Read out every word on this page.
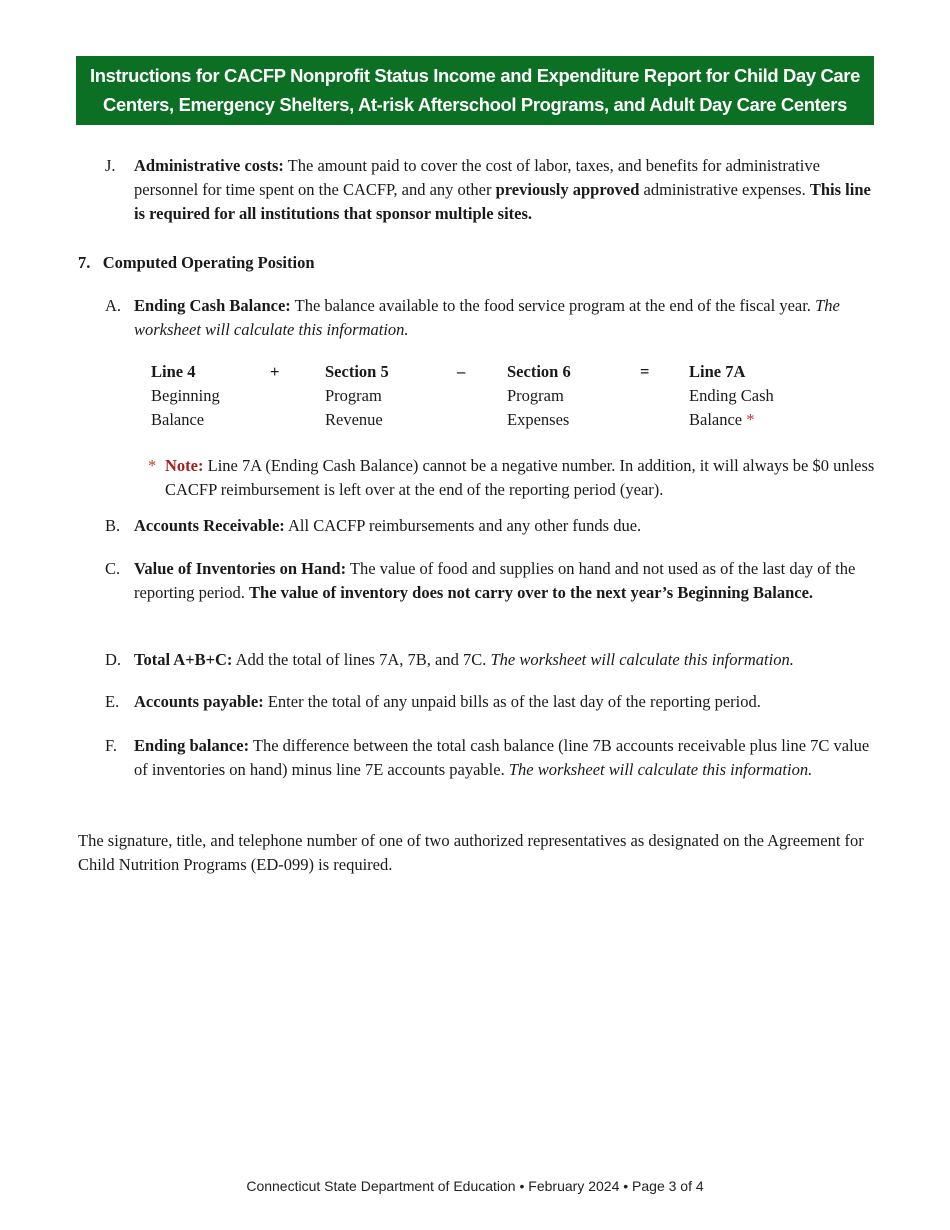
Instructions for CACFP Nonprofit Status Income and Expenditure Report for Child Day Care
Centers, Emergency Shelters, At-risk Afterschool Programs, and Adult Day Care Centers
J. Administrative costs: The amount paid to cover the cost of labor, taxes, and benefits for administrative personnel for time spent on the CACFP, and any other previously approved administrative expenses. This line is required for all institutions that sponsor multiple sites.
7. Computed Operating Position
A. Ending Cash Balance: The balance available to the food service program at the end of the fiscal year. The worksheet will calculate this information.
Line 4
Beginning
Balance
+	Section 5
Program
Revenue
–	Section 6
Program
Expenses
= Line 7A
Ending Cash
Balance *
* Note: Line 7A (Ending Cash Balance) cannot be a negative number. In addition, it will always be $0 unless CACFP reimbursement is left over at the end of the reporting period (year).
B. Accounts Receivable: All CACFP reimbursements and any other funds due.
C. Value of Inventories on Hand: The value of food and supplies on hand and not used as of the last day of the reporting period. The value of inventory does not carry over to the next year’s Beginning Balance.
D. Total A+B+C: Add the total of lines 7A, 7B, and 7C. The worksheet will calculate this information.
E. Accounts payable: Enter the total of any unpaid bills as of the last day of the reporting period.
F. Ending balance: The difference between the total cash balance (line 7B accounts receivable plus line 7C value of inventories on hand) minus line 7E accounts payable. The worksheet will calculate this information.
The signature, title, and telephone number of one of two authorized representatives as designated on the Agreement for Child Nutrition Programs (ED-099) is required.
Connecticut State Department of Education • February 2024 • Page 3 of 4
